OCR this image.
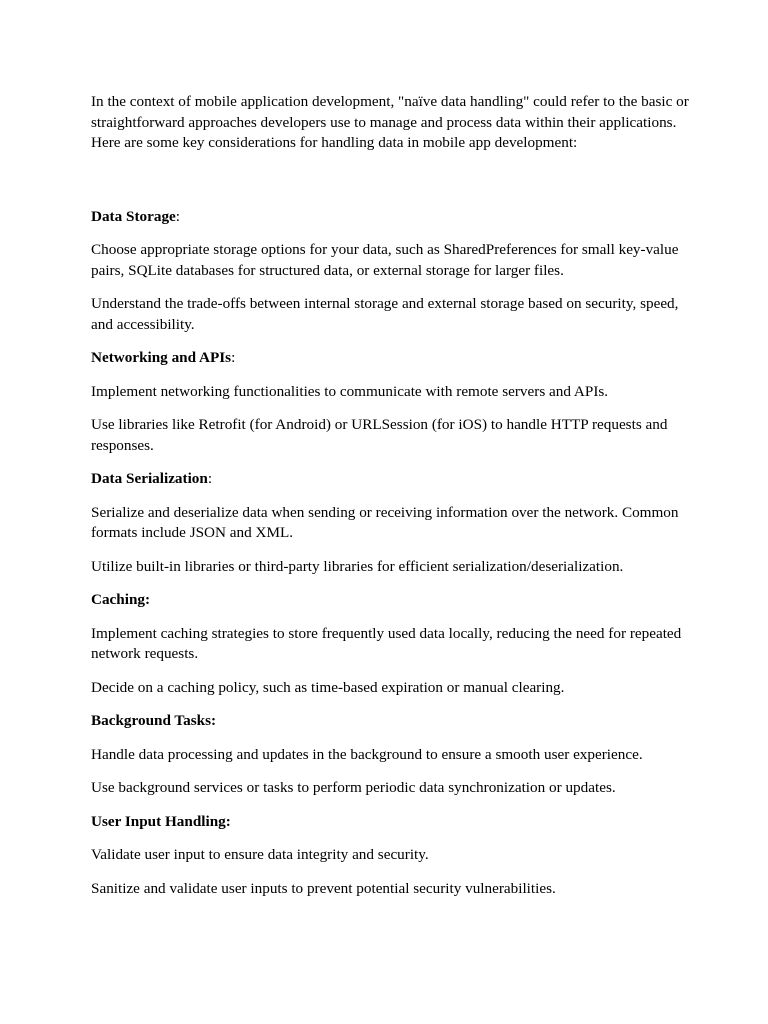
In the context of mobile application development, "naïve data handling" could refer to the basic or straightforward approaches developers use to manage and process data within their applications. Here are some key considerations for handling data in mobile app development:

Data Storage:

Choose appropriate storage options for your data, such as SharedPreferences for small key-value pairs, SQLite databases for structured data, or external storage for larger files.

Understand the trade-offs between internal storage and external storage based on security, speed, and accessibility.

Networking and APIs:

Implement networking functionalities to communicate with remote servers and APIs.

Use libraries like Retrofit (for Android) or URLSession (for iOS) to handle HTTP requests and responses.

Data Serialization:

Serialize and deserialize data when sending or receiving information over the network. Common formats include JSON and XML.

Utilize built-in libraries or third-party libraries for efficient serialization/deserialization.

Caching:

Implement caching strategies to store frequently used data locally, reducing the need for repeated network requests.

Decide on a caching policy, such as time-based expiration or manual clearing.

Background Tasks:

Handle data processing and updates in the background to ensure a smooth user experience.

Use background services or tasks to perform periodic data synchronization or updates.

User Input Handling:

Validate user input to ensure data integrity and security.

Sanitize and validate user inputs to prevent potential security vulnerabilities.
